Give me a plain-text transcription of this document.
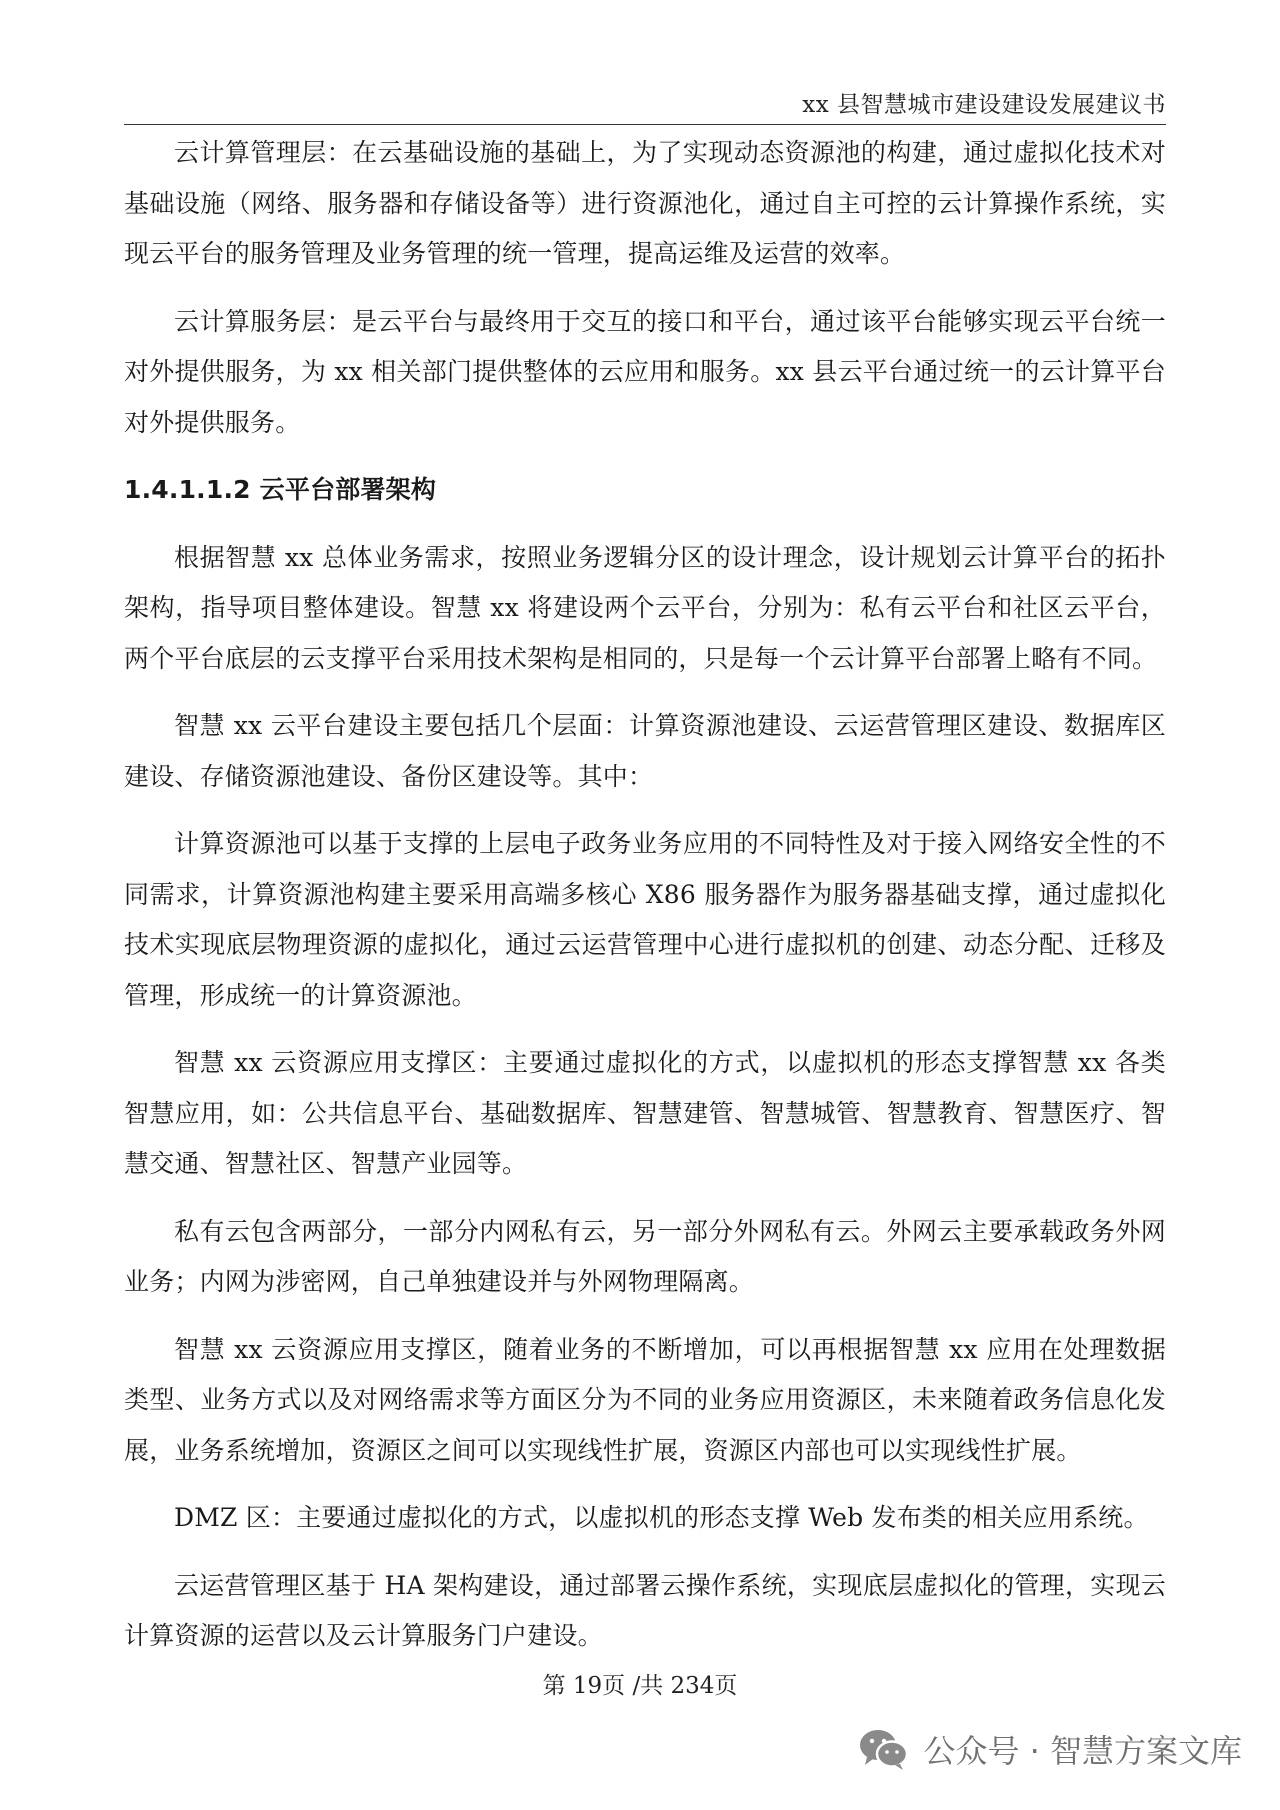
xx 县智慧城市建设建设发展建议书

云计算管理层：在云基础设施的基础上，为了实现动态资源池的构建，通过虚拟化技术对基础设施（网络、服务器和存储设备等）进行资源池化，通过自主可控的云计算操作系统，实现云平台的服务管理及业务管理的统一管理，提高运维及运营的效率。

云计算服务层：是云平台与最终用于交互的接口和平台，通过该平台能够实现云平台统一对外提供服务，为 xx 相关部门提供整体的云应用和服务。xx 县云平台通过统一的云计算平台对外提供服务。

1.4.1.1.2 云平台部署架构

根据智慧 xx 总体业务需求，按照业务逻辑分区的设计理念，设计规划云计算平台的拓扑架构，指导项目整体建设。智慧 xx 将建设两个云平台，分别为：私有云平台和社区云平台，两个平台底层的云支撑平台采用技术架构是相同的，只是每一个云计算平台部署上略有不同。

智慧 xx 云平台建设主要包括几个层面：计算资源池建设、云运营管理区建设、数据库区建设、存储资源池建设、备份区建设等。其中：

计算资源池可以基于支撑的上层电子政务业务应用的不同特性及对于接入网络安全性的不同需求，计算资源池构建主要采用高端多核心 X86 服务器作为服务器基础支撑，通过虚拟化技术实现底层物理资源的虚拟化，通过云运营管理中心进行虚拟机的创建、动态分配、迁移及管理，形成统一的计算资源池。

智慧 xx 云资源应用支撑区：主要通过虚拟化的方式，以虚拟机的形态支撑智慧 xx 各类智慧应用，如：公共信息平台、基础数据库、智慧建管、智慧城管、智慧教育、智慧医疗、智慧交通、智慧社区、智慧产业园等。

私有云包含两部分，一部分内网私有云，另一部分外网私有云。外网云主要承载政务外网业务；内网为涉密网，自己单独建设并与外网物理隔离。

智慧 xx 云资源应用支撑区，随着业务的不断增加，可以再根据智慧 xx 应用在处理数据类型、业务方式以及对网络需求等方面区分为不同的业务应用资源区，未来随着政务信息化发展，业务系统增加，资源区之间可以实现线性扩展，资源区内部也可以实现线性扩展。

DMZ 区：主要通过虚拟化的方式，以虚拟机的形态支撑 Web 发布类的相关应用系统。

云运营管理区基于 HA 架构建设，通过部署云操作系统，实现底层虚拟化的管理，实现云计算资源的运营以及云计算服务门户建设。

第 19页 /共 234页
公众号 · 智慧方案文库
